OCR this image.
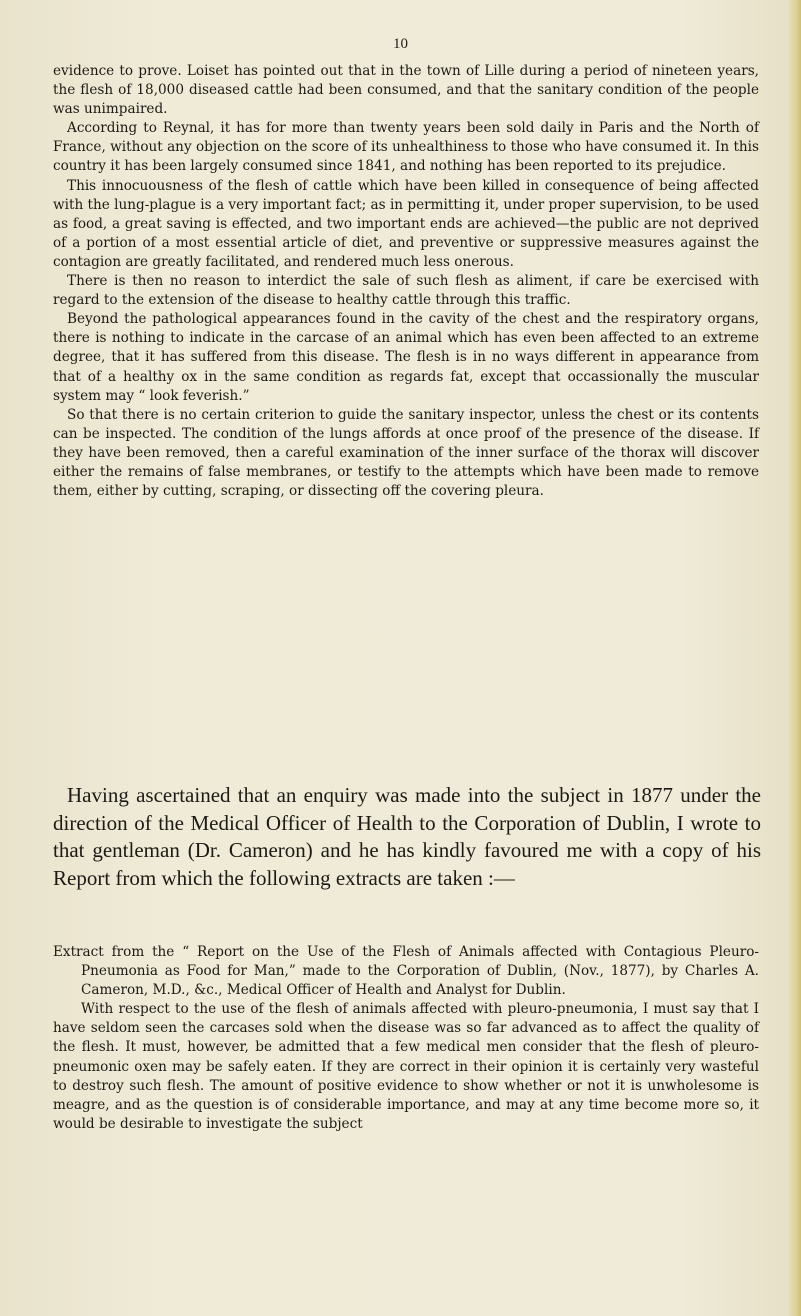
10

evidence to prove. Loiset has pointed out that in the town of Lille during a period of nineteen years, the flesh of 18,000 diseased cattle had been consumed, and that the sanitary condition of the people was unimpaired.

According to Reynal, it has for more than twenty years been sold daily in Paris and the North of France, without any objection on the score of its unhealthiness to those who have consumed it. In this country it has been largely consumed since 1841, and nothing has been reported to its prejudice.

This innocuousness of the flesh of cattle which have been killed in consequence of being affected with the lung-plague is a very important fact; as in permitting it, under proper supervision, to be used as food, a great saving is effected, and two important ends are achieved—the public are not deprived of a portion of a most essential article of diet, and preventive or suppressive measures against the contagion are greatly facilitated, and rendered much less onerous.

There is then no reason to interdict the sale of such flesh as aliment, if care be exercised with regard to the extension of the disease to healthy cattle through this traffic.

Beyond the pathological appearances found in the cavity of the chest and the respiratory organs, there is nothing to indicate in the carcase of an animal which has even been affected to an extreme degree, that it has suffered from this disease. The flesh is in no ways different in appearance from that of a healthy ox in the same condition as regards fat, except that occassionally the muscular system may “ look feverish.”

So that there is no certain criterion to guide the sanitary inspector, unless the chest or its contents can be inspected. The condition of the lungs affords at once proof of the presence of the disease. If they have been removed, then a careful examination of the inner surface of the thorax will discover either the remains of false membranes, or testify to the attempts which have been made to remove them, either by cutting, scraping, or dissecting off the covering pleura.

Having ascertained that an enquiry was made into the subject in 1877 under the direction of the Medical Officer of Health to the Corporation of Dublin, I wrote to that gentleman (Dr. Cameron) and he has kindly favoured me with a copy of his Report from which the following extracts are taken :—

Extract from the “ Report on the Use of the Flesh of Animals affected with Contagious Pleuro-Pneumonia as Food for Man,” made to the Corporation of Dublin, (Nov., 1877), by Charles A. Cameron, M.D., &c., Medical Officer of Health and Analyst for Dublin.

With respect to the use of the flesh of animals affected with pleuro-pneumonia, I must say that I have seldom seen the carcases sold when the disease was so far advanced as to affect the quality of the flesh. It must, however, be admitted that a few medical men consider that the flesh of pleuro-pneumonic oxen may be safely eaten. If they are correct in their opinion it is certainly very wasteful to destroy such flesh. The amount of positive evidence to show whether or not it is unwholesome is meagre, and as the question is of considerable importance, and may at any time become more so, it would be desirable to investigate the subject
